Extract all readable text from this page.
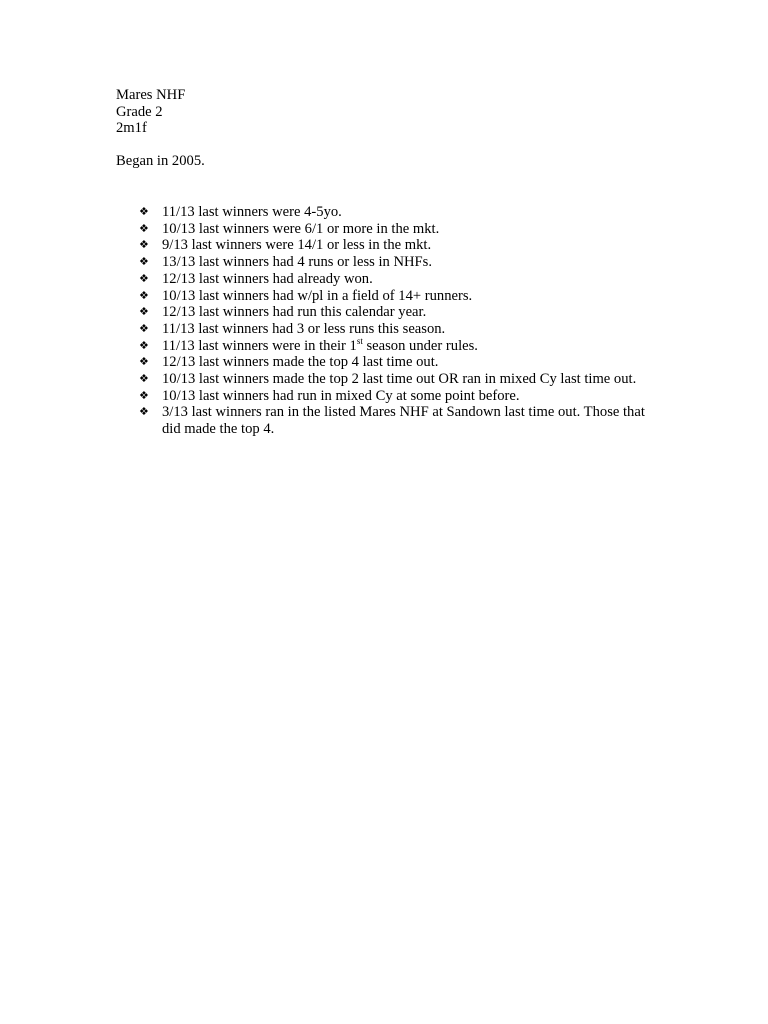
Mares NHF
Grade 2
2m1f
Began in 2005.
❖ 11/13 last winners were 4-5yo.
❖ 10/13 last winners were 6/1 or more in the mkt.
❖ 9/13 last winners were 14/1 or less in the mkt.
❖ 13/13 last winners had 4 runs or less in NHFs.
❖ 12/13 last winners had already won.
❖ 10/13 last winners had w/pl in a field of 14+ runners.
❖ 12/13 last winners had run this calendar year.
❖ 11/13 last winners had 3 or less runs this season.
❖ 11/13 last winners were in their 1st season under rules.
❖ 12/13 last winners made the top 4 last time out.
❖ 10/13 last winners made the top 2 last time out OR ran in mixed Cy last time out.
❖ 10/13 last winners had run in mixed Cy at some point before.
❖ 3/13 last winners ran in the listed Mares NHF at Sandown last time out. Those that did made the top 4.
